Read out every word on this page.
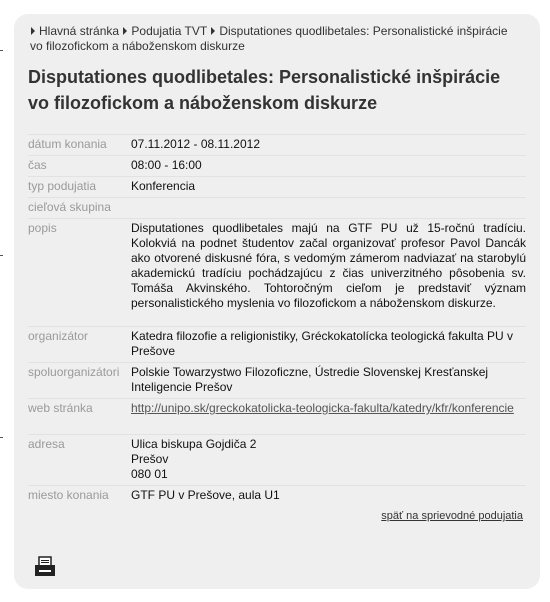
Hlavná stránka Podujatia TVT Disputationes quodlibetales: Personalistické inšpirácie vo filozofickom a náboženskom diskurze
Disputationes quodlibetales: Personalistické inšpirácie vo filozofickom a náboženskom diskurze
dátum konania	07.11.2012 - 08.11.2012
čas	08:00 - 16:00
typ podujatia	Konferencia
cieľová skupina
popis	Disputationes quodlibetales majú na GTF PU už 15-ročnú tradíciu. Kolokviá na podnet študentov začal organizovať profesor Pavol Dancák ako otvorené diskusné fóra, s vedomým zámerom nadviazať na starobylú akademickú tradíciu pochádzajúcu z čias univerzitného pôsobenia sv. Tomáša Akvinského. Tohtoročným cieľom je predstaviť význam personalistického myslenia vo filozofickom a náboženskom diskurze.
organizátor	Katedra filozofie a religionistiky, Gréckokatolícka teologická fakulta PU v Prešove
spoluorganizátori Polskie Towarzystwo Filozoficzne, Ústredie Slovenskej Kresťanskej Inteligencie Prešov
web stránka	http://unipo.sk/greckokatolicka-teologicka-fakulta/katedry/kfr/konferencie
adresa	Ulica biskupa Gojdiča 2
Prešov
080 01
miesto konania	GTF PU v Prešove, aula U1
späť na sprievodné podujatia
